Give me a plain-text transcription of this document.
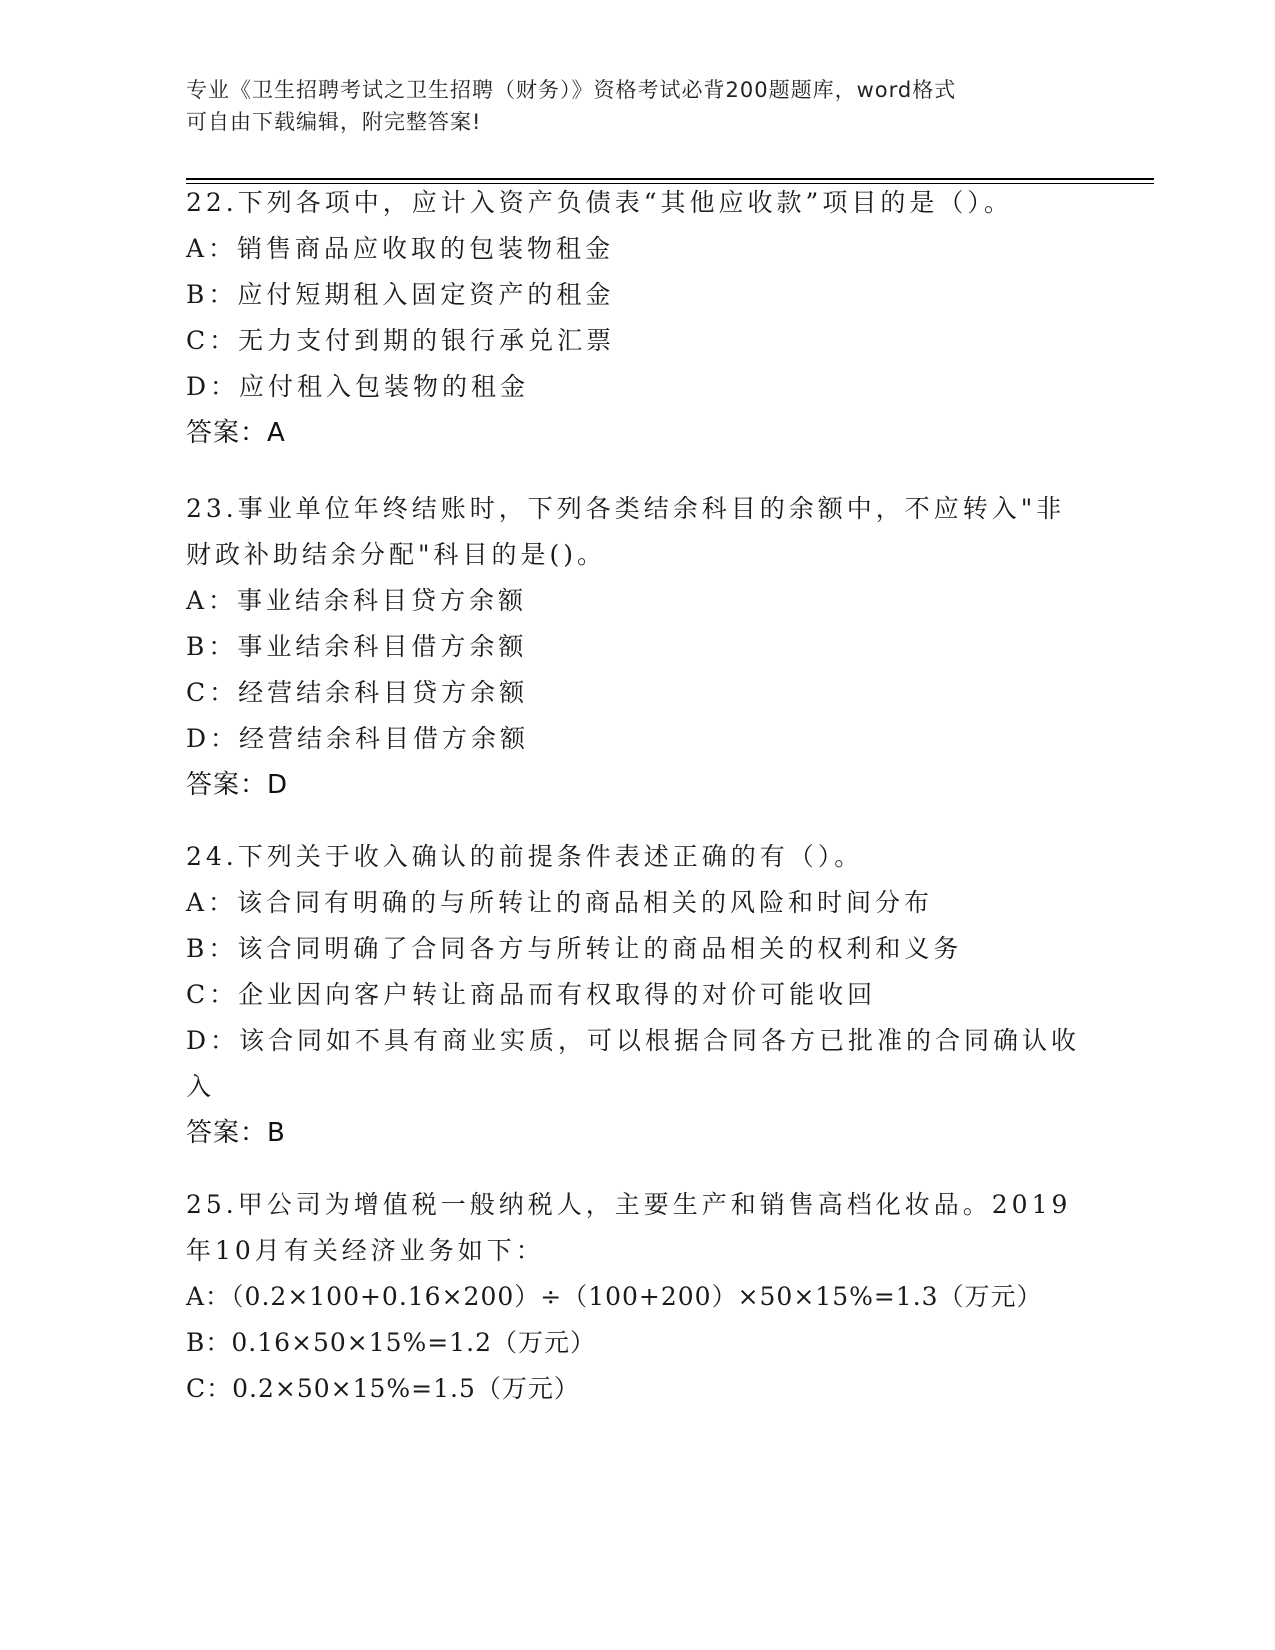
专业《卫生招聘考试之卫生招聘（财务）》资格考试必背200题题库，word格式
可自由下载编辑，附完整答案!
22.下列各项中，应计入资产负债表“其他应收款”项目的是（）。
A：销售商品应收取的包装物租金
B：应付短期租入固定资产的租金
C：无力支付到期的银行承兑汇票
D：应付租入包装物的租金
答案：A
23.事业单位年终结账时，下列各类结余科目的余额中，不应转入"非
财政补助结余分配"科目的是()。
A：事业结余科目贷方余额
B：事业结余科目借方余额
C：经营结余科目贷方余额
D：经营结余科目借方余额
答案：D
24.下列关于收入确认的前提条件表述正确的有（）。
A：该合同有明确的与所转让的商品相关的风险和时间分布
B：该合同明确了合同各方与所转让的商品相关的权利和义务
C：企业因向客户转让商品而有权取得的对价可能收回
D：该合同如不具有商业实质，可以根据合同各方已批准的合同确认收
入
答案：B
25.甲公司为增值税一般纳税人，主要生产和销售高档化妆品。2019
年10月有关经济业务如下：
A：（0.2×100+0.16×200）÷（100+200）×50×15%=1.3（万元）
B：0.16×50×15%=1.2（万元）
C：0.2×50×15%=1.5（万元）
